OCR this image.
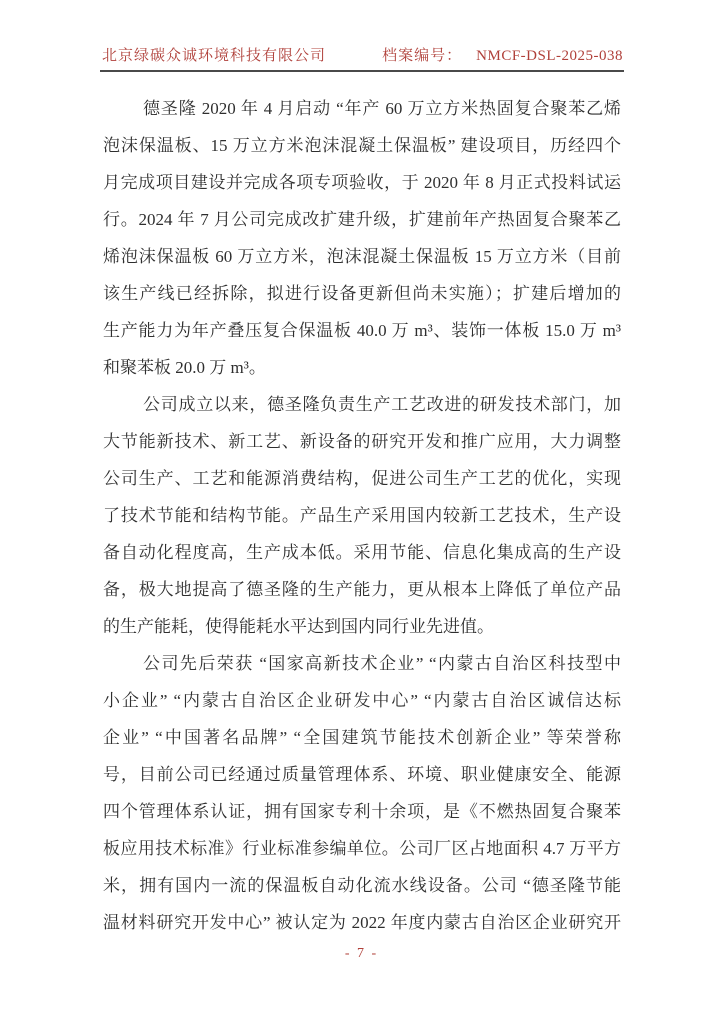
北京绿碳众诚环境科技有限公司	档案编号： NMCF-DSL-2025-038
德圣隆 2020 年 4 月启动 “年产 60 万立方米热固复合聚苯乙烯
泡沫保温板、15 万立方米泡沫混凝土保温板” 建设项目，历经四个
月完成项目建设并完成各项专项验收，于 2020 年 8 月正式投料试运
行。2024 年 7 月公司完成改扩建升级，扩建前年产热固复合聚苯乙
烯泡沫保温板 60 万立方米，泡沫混凝土保温板 15 万立方米（目前
该生产线已经拆除，拟进行设备更新但尚未实施）；扩建后增加的
生产能力为年产叠压复合保温板 40.0 万 m³、装饰一体板 15.0 万 m³
和聚苯板 20.0 万 m³。
公司成立以来，德圣隆负责生产工艺改进的研发技术部门，加
大节能新技术、新工艺、新设备的研究开发和推广应用，大力调整
公司生产、工艺和能源消费结构，促进公司生产工艺的优化，实现
了技术节能和结构节能。产品生产采用国内较新工艺技术，生产设
备自动化程度高，生产成本低。采用节能、信息化集成高的生产设
备，极大地提高了德圣隆的生产能力，更从根本上降低了单位产品
的生产能耗，使得能耗水平达到国内同行业先进值。
公司先后荣获 “国家高新技术企业” “内蒙古自治区科技型中
小企业” “内蒙古自治区企业研发中心” “内蒙古自治区诚信达标
企业” “中国著名品牌” “全国建筑节能技术创新企业” 等荣誉称
号，目前公司已经通过质量管理体系、环境、职业健康安全、能源
四个管理体系认证，拥有国家专利十余项，是《不燃热固复合聚苯
板应用技术标准》行业标准参编单位。公司厂区占地面积 4.7 万平方
米，拥有国内一流的保温板自动化流水线设备。公司 “德圣隆节能
温材料研究开发中心” 被认定为 2022 年度内蒙古自治区企业研究开
- 7 -
